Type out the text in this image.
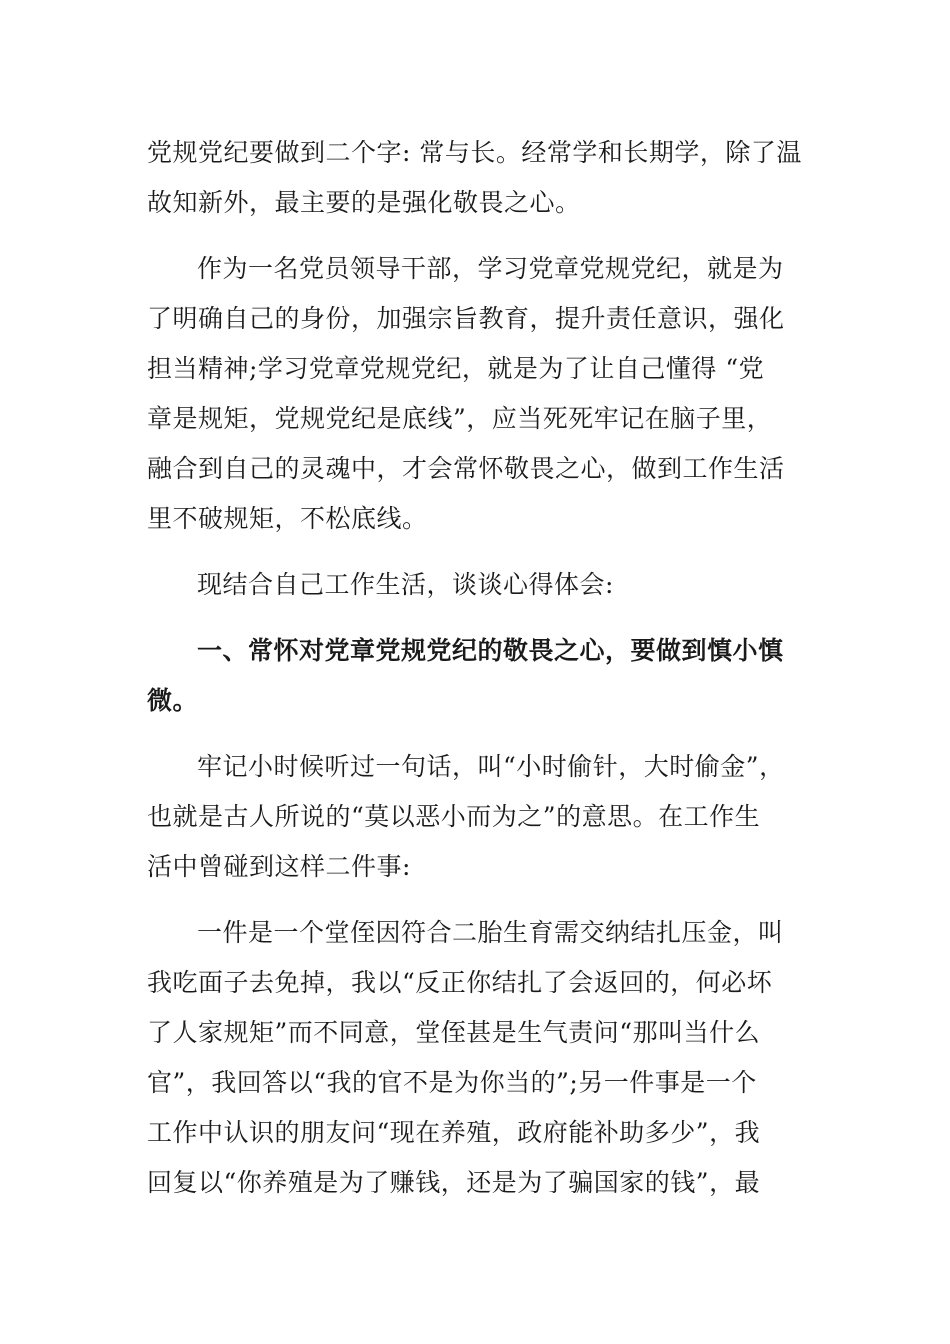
党规党纪要做到二个字: 常与长。经常学和长期学，除了温
故知新外，最主要的是强化敬畏之心。
作为一名党员领导干部，学习党章党规党纪，就是为
了明确自己的身份，加强宗旨教育，提升责任意识，强化
担当精神;学习党章党规党纪，就是为了让自己懂得 “党
章是规矩，党规党纪是底线”，应当死死牢记在脑子里，
融合到自己的灵魂中，才会常怀敬畏之心，做到工作生活
里不破规矩，不松底线。
现结合自己工作生活，谈谈心得体会:
一、常怀对党章党规党纪的敬畏之心，要做到慎小慎
微。
牢记小时候听过一句话，叫“小时偷针，大时偷金”，
也就是古人所说的“莫以恶小而为之”的意思。在工作生
活中曾碰到这样二件事:
一件是一个堂侄因符合二胎生育需交纳结扎压金，叫
我吃面子去免掉，我以“反正你结扎了会返回的，何必坏
了人家规矩”而不同意，堂侄甚是生气责问“那叫当什么
官”，我回答以“我的官不是为你当的”;另一件事是一个
工作中认识的朋友问“现在养殖，政府能补助多少”，我
回复以“你养殖是为了赚钱，还是为了骗国家的钱”，最
